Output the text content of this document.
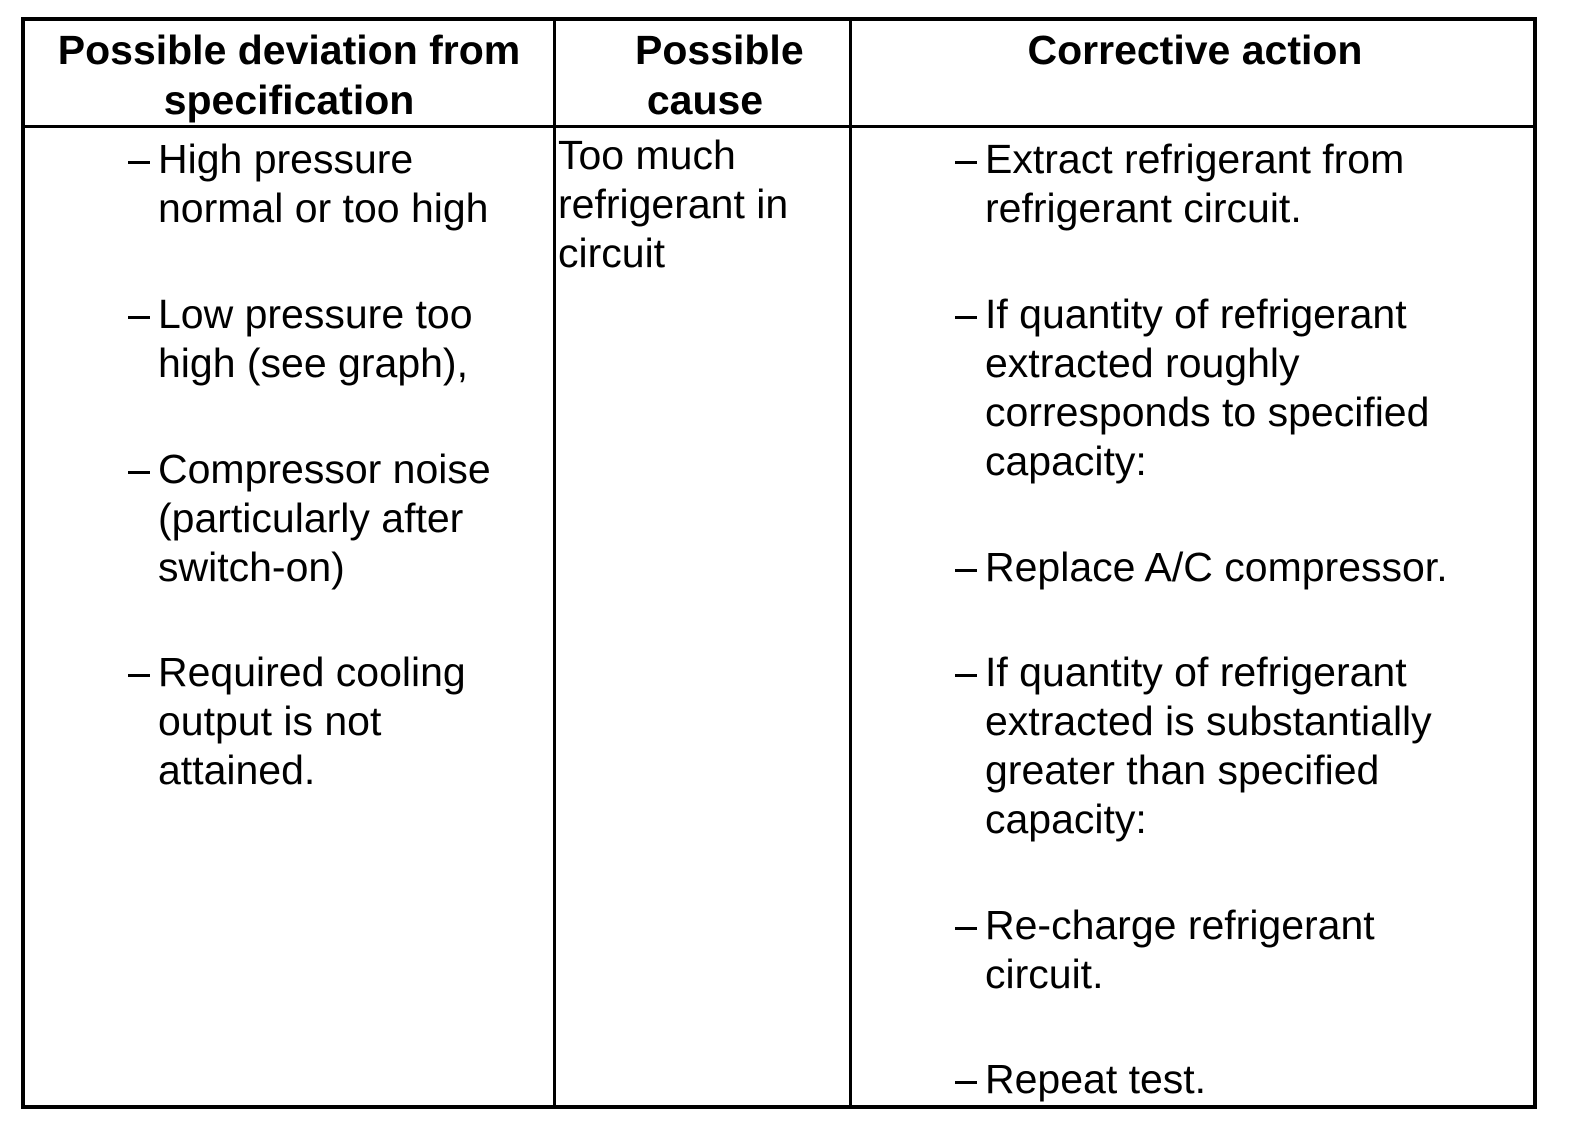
Possible deviation from specification
Possible cause
Corrective action
High pressure normal or too high
Low pressure too high (see graph),
Compressor noise (particularly after switch-on)
Required cooling output is not attained.
Too much refrigerant in circuit
Extract refrigerant from refrigerant circuit.
If quantity of refrigerant extracted roughly corresponds to specified capacity:
Replace A/C compressor.
If quantity of refrigerant extracted is substantially greater than specified capacity:
Re-charge refrigerant circuit.
Repeat test.
